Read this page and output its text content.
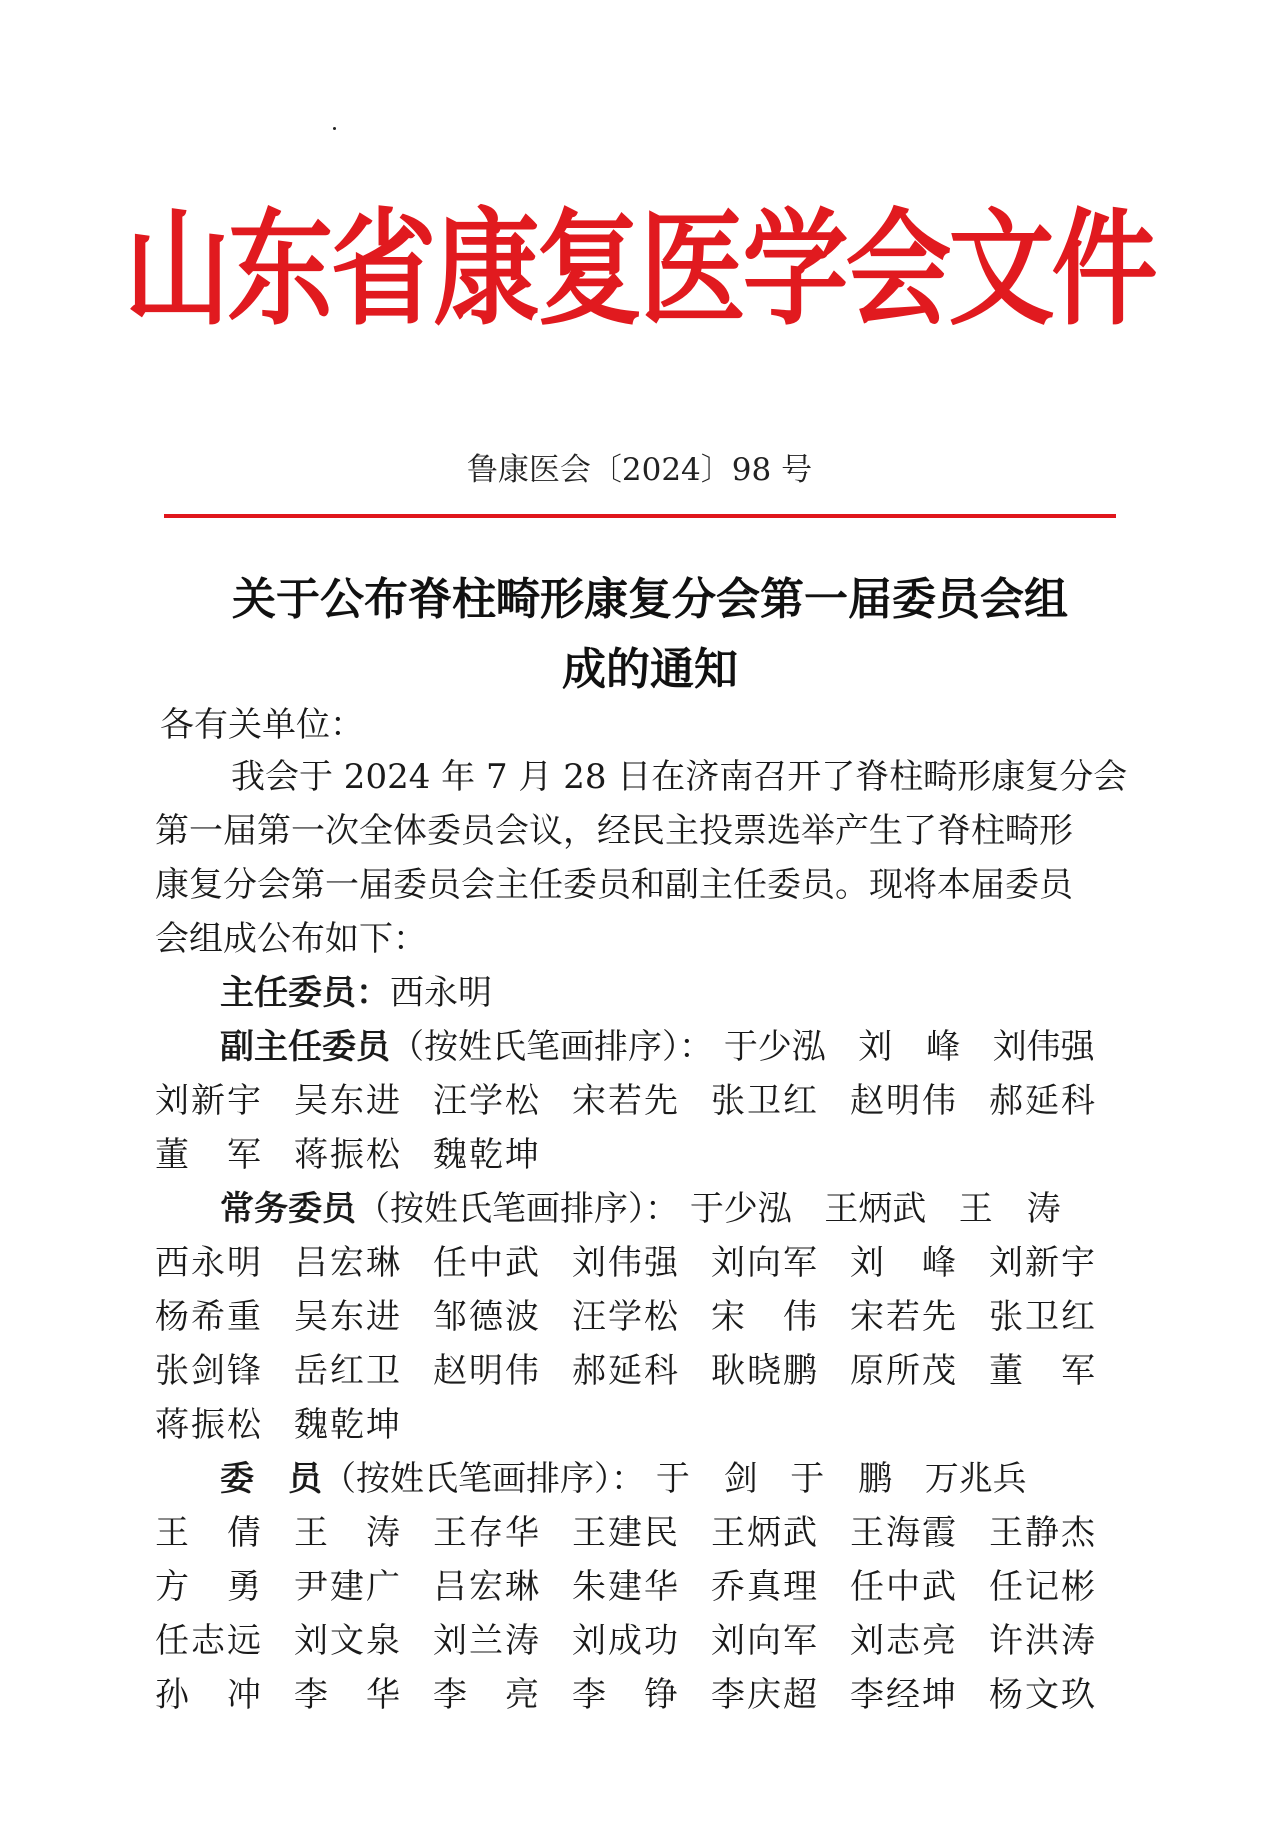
山东省康复医学会文件
鲁康医会〔2024〕98 号
关于公布脊柱畸形康复分会第一届委员会组
成的通知
各有关单位：
我会于 2024 年 7 月 28 日在济南召开了脊柱畸形康复分会
第一届第一次全体委员会议，经民主投票选举产生了脊柱畸形
康复分会第一届委员会主任委员和副主任委员。现将本届委员
会组成公布如下：
主任委员：西永明
副主任委员（按姓氏笔画排序）： 于少泓 刘　峰 刘伟强
刘新宇 吴东进 汪学松 宋若先 张卫红 赵明伟 郝延科
董　军 蒋振松 魏乾坤
常务委员（按姓氏笔画排序）： 于少泓 王炳武 王　涛
西永明 吕宏琳 任中武 刘伟强 刘向军 刘　峰 刘新宇
杨希重 吴东进 邹德波 汪学松 宋　伟 宋若先 张卫红
张剑锋 岳红卫 赵明伟 郝延科 耿晓鹏 原所茂 董　军
蒋振松 魏乾坤
委　员（按姓氏笔画排序）： 于　剑 于　鹏 万兆兵
王　倩 王　涛 王存华 王建民 王炳武 王海霞 王静杰
方　勇 尹建广 吕宏琳 朱建华 乔真理 任中武 任记彬
任志远 刘文泉 刘兰涛 刘成功 刘向军 刘志亮 许洪涛
孙　冲 李　华 李　亮 李　铮 李庆超 李经坤 杨文玖
